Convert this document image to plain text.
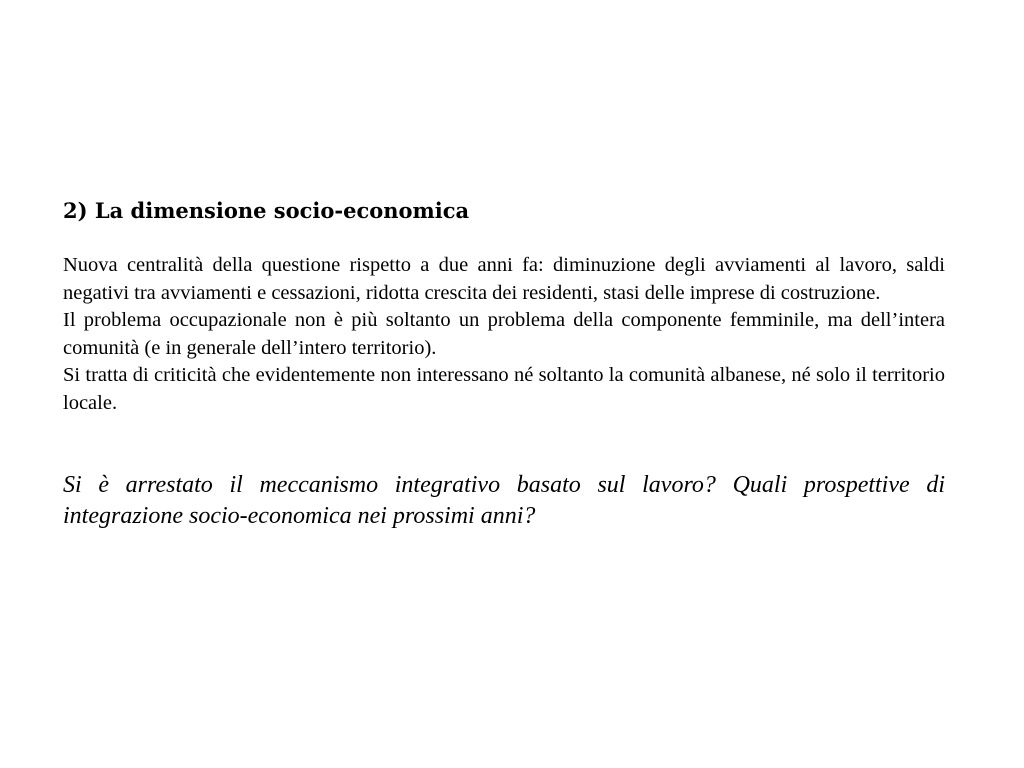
2) La dimensione socio-economica

Nuova centralità della questione rispetto a due anni fa: diminuzione degli avviamenti al lavoro, saldi negativi tra avviamenti e cessazioni, ridotta crescita dei residenti, stasi delle imprese di costruzione.

Il problema occupazionale non è più soltanto un problema della componente femminile, ma dell’intera comunità (e in generale dell’intero territorio).

Si tratta di criticità che evidentemente non interessano né soltanto la comunità albanese, né solo il territorio locale.

Si è arrestato il meccanismo integrativo basato sul lavoro? Quali prospettive di integrazione socio-economica nei prossimi anni?
